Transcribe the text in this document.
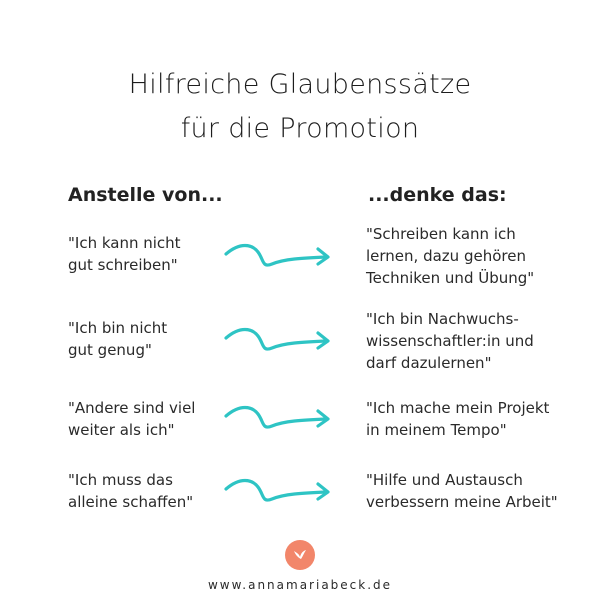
Hilfreiche Glaubenssätze
für die Promotion
Anstelle von...	...denke das:
"Ich kann nicht
gut schreiben"
"Schreiben kann ich
lernen, dazu gehören
Techniken und Übung"
"Ich bin nicht
gut genug"
"Ich bin Nachwuchs-
wissenschaftler:in und
darf dazulernen"
"Andere sind viel
weiter als ich"
"Ich mache mein Projekt
in meinem Tempo"
"Ich muss das
alleine schaffen"
"Hilfe und Austausch
verbessern meine Arbeit"
www.annamariabeck.de
